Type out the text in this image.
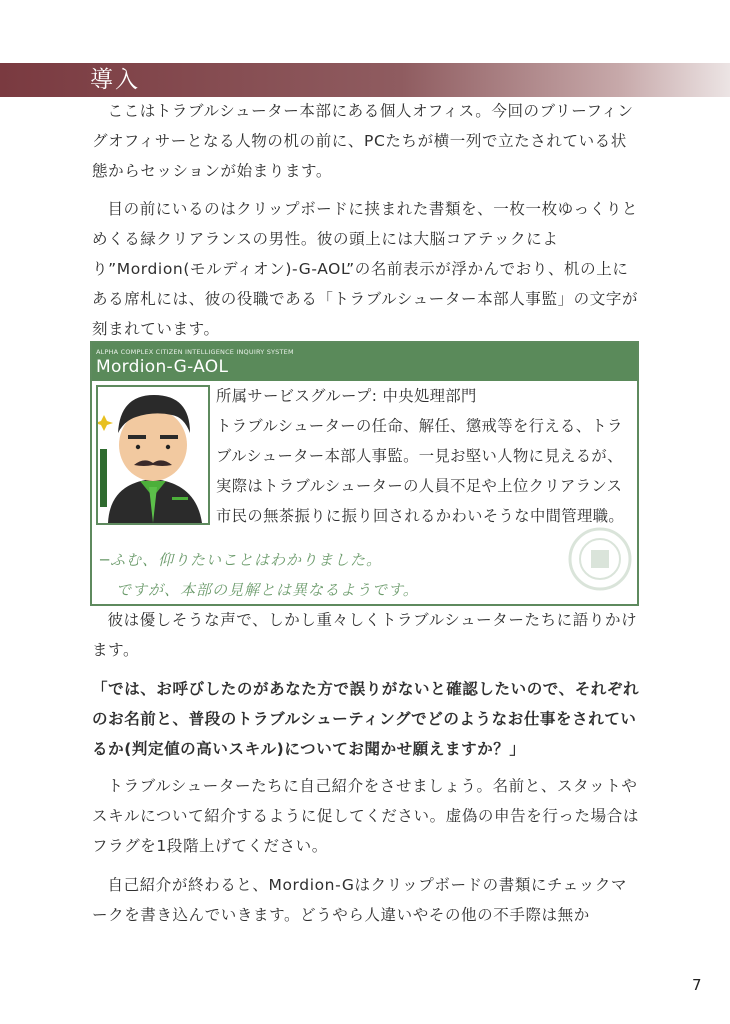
導入

ここはトラブルシューター本部にある個人オフィス。今回のブリーフィングオフィサーとなる人物の机の前に、PCたちが横一列で立たされている状態からセッションが始まります。

目の前にいるのはクリップボードに挟まれた書類を、一枚一枚ゆっくりとめくる緑クリアランスの男性。彼の頭上には大脳コアテックにより”Mordion(モルディオン)-G-AOL”の名前表示が浮かんでおり、机の上にある席札には、彼の役職である「トラブルシューター本部人事監」の文字が刻まれています。

ALPHA COMPLEX CITIZEN INTELLIGENCE INQUIRY SYSTEM
Mordion-G-AOL

所属サービスグループ: 中央処理部門
トラブルシューターの任命、解任、懲戒等を行える、トラブルシューター本部人事監。一見お堅い人物に見えるが、実際はトラブルシューターの人員不足や上位クリアランス市民の無茶振りに振り回されるかわいそうな中間管理職。

─ふむ、仰りたいことはわかりました。

ですが、本部の見解とは異なるようです。

彼は優しそうな声で、しかし重々しくトラブルシューターたちに語りかけます。

「では、お呼びしたのがあなた方で誤りがないと確認したいので、それぞれのお名前と、普段のトラブルシューティングでどのようなお仕事をされているか(判定値の高いスキル)についてお聞かせ願えますか？」

トラブルシューターたちに自己紹介をさせましょう。名前と、スタットやスキルについて紹介するように促してください。虚偽の申告を行った場合はフラグを1段階上げてください。

自己紹介が終わると、Mordion-Gはクリップボードの書類にチェックマークを書き込んでいきます。どうやら人違いやその他の不手際は無か

7
